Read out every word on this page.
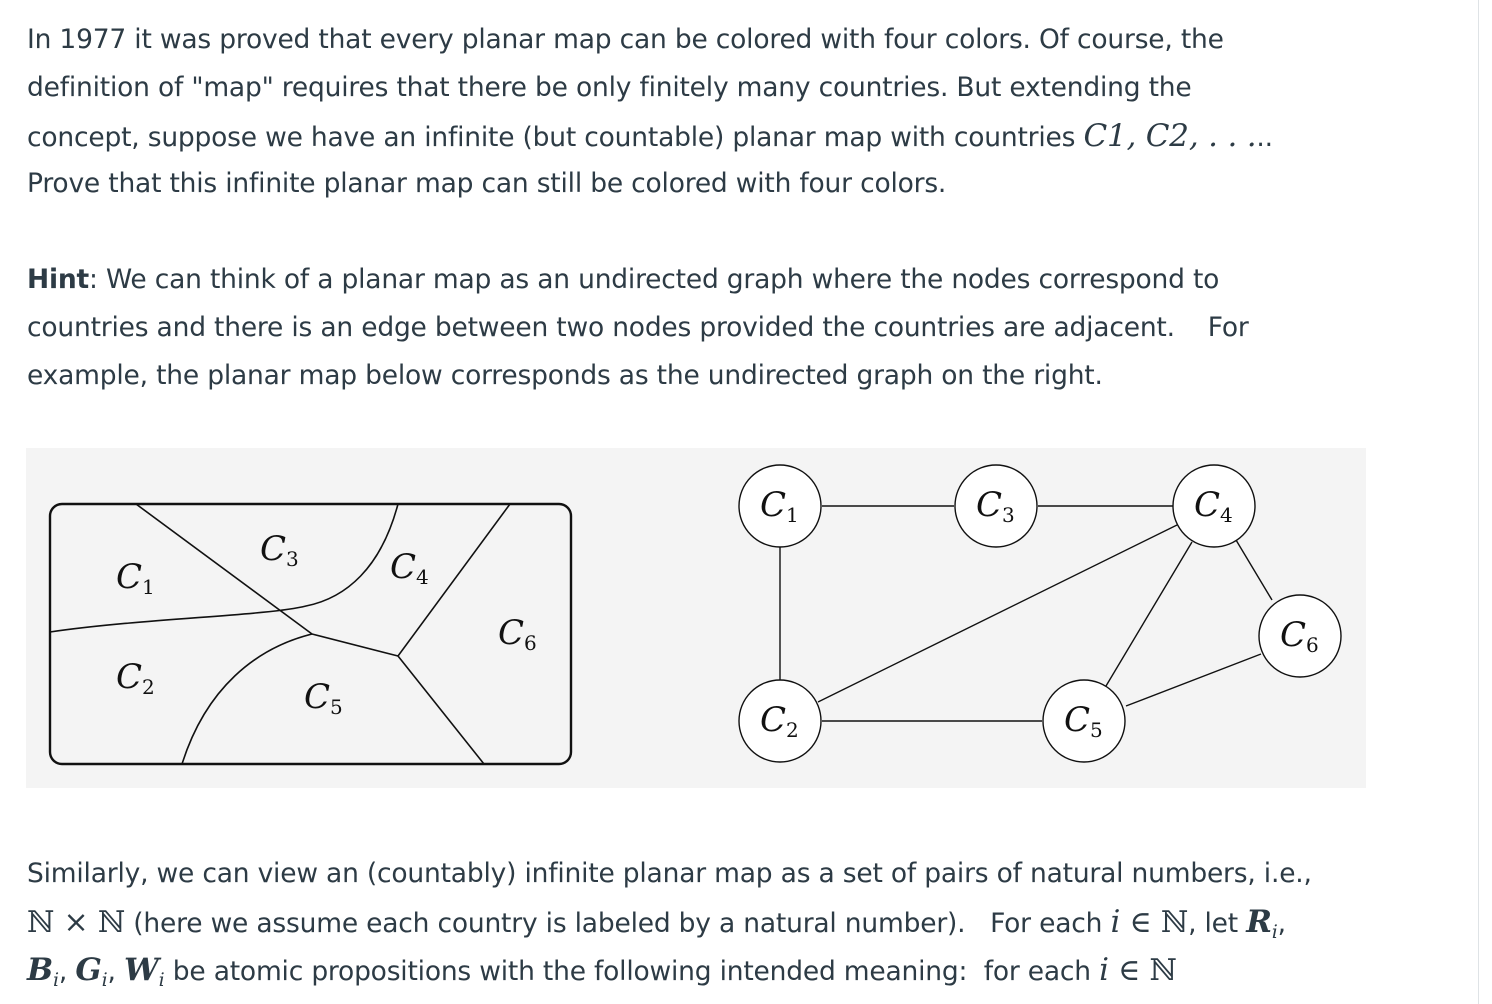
In 1977 it was proved that every planar map can be colored with four colors. Of course, the
definition of "map" requires that there be only finitely many countries. But extending the
concept, suppose we have an infinite (but countable) planar map with countries C1, C2, . . ...
Prove that this infinite planar map can still be colored with four colors.

Hint: We can think of a planar map as an undirected graph where the nodes correspond to
countries and there is an edge between two nodes provided the countries are adjacent.    For
example, the planar map below corresponds as the undirected graph on the right.

C1
C2
C3	C4
C5
C6
C1	C3	C4
C6
C2	C5

Similarly, we can view an (countably) infinite planar map as a set of pairs of natural numbers, i.e.,
ℕ × ℕ (here we assume each country is labeled by a natural number).   For each i ∈ ℕ, let Ri,
Bi, Gi, Wi be atomic propositions with the following intended meaning:  for each i ∈ ℕ
